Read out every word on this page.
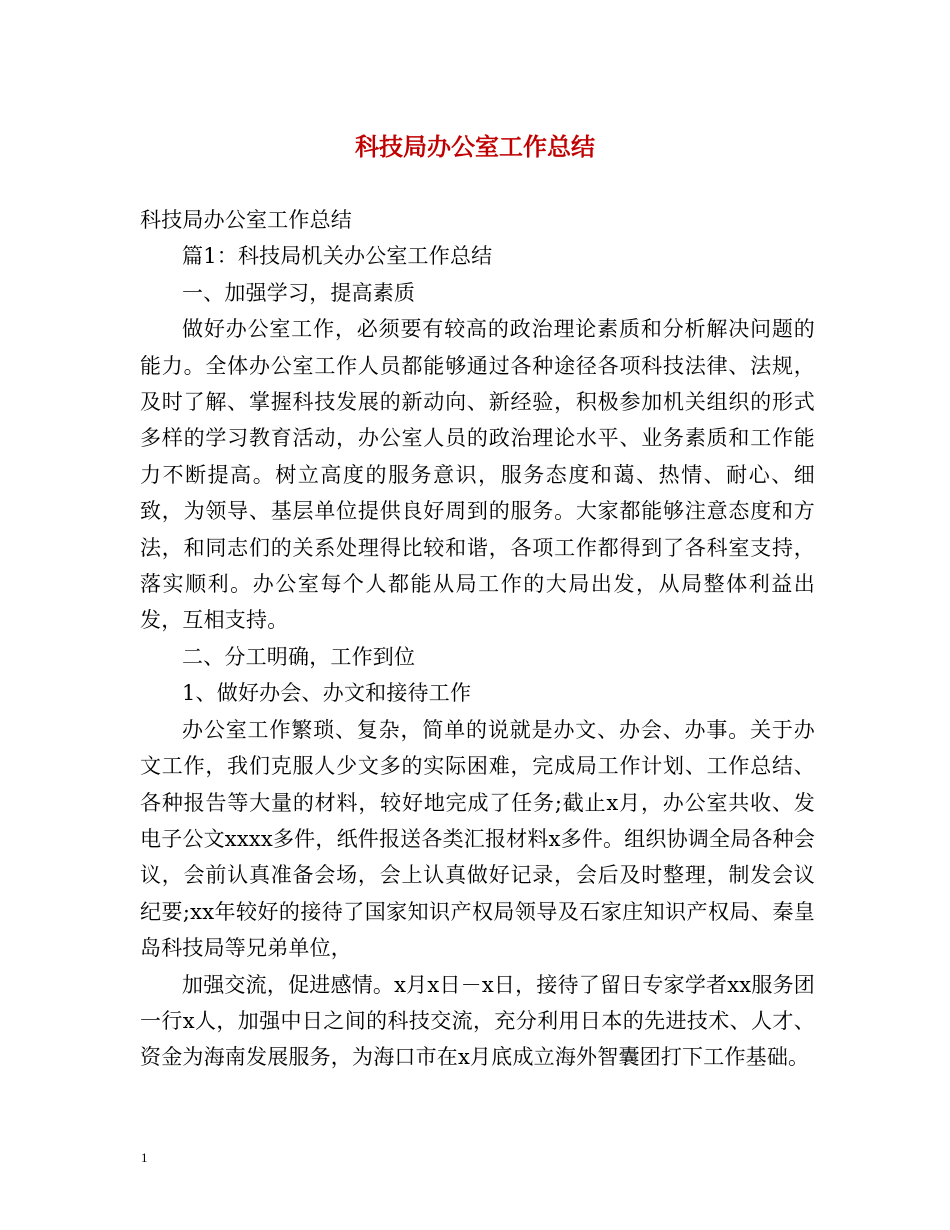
科技局办公室工作总结

科技局办公室工作总结

篇1：科技局机关办公室工作总结

一、加强学习，提高素质

做好办公室工作，必须要有较高的政治理论素质和分析解决问题的能力。全体办公室工作人员都能够通过各种途径各项科技法律、法规，及时了解、掌握科技发展的新动向、新经验，积极参加机关组织的形式多样的学习教育活动，办公室人员的政治理论水平、业务素质和工作能力不断提高。树立高度的服务意识，服务态度和蔼、热情、耐心、细致，为领导、基层单位提供良好周到的服务。大家都能够注意态度和方法，和同志们的关系处理得比较和谐，各项工作都得到了各科室支持，落实顺利。办公室每个人都能从局工作的大局出发，从局整体利益出发，互相支持。

二、分工明确，工作到位

1、做好办会、办文和接待工作

办公室工作繁琐、复杂，简单的说就是办文、办会、办事。关于办文工作，我们克服人少文多的实际困难，完成局工作计划、工作总结、各种报告等大量的材料，较好地完成了任务;截止x月，办公室共收、发电子公文xxxx多件，纸件报送各类汇报材料x多件。组织协调全局各种会议，会前认真准备会场，会上认真做好记录，会后及时整理，制发会议纪要;xx年较好的接待了国家知识产权局领导及石家庄知识产权局、秦皇岛科技局等兄弟单位，

加强交流，促进感情。x月x日－x日，接待了留日专家学者xx服务团一行x人，加强中日之间的科技交流，充分利用日本的先进技术、人才、资金为海南发展服务，为海口市在x月底成立海外智囊团打下工作基础。

1
